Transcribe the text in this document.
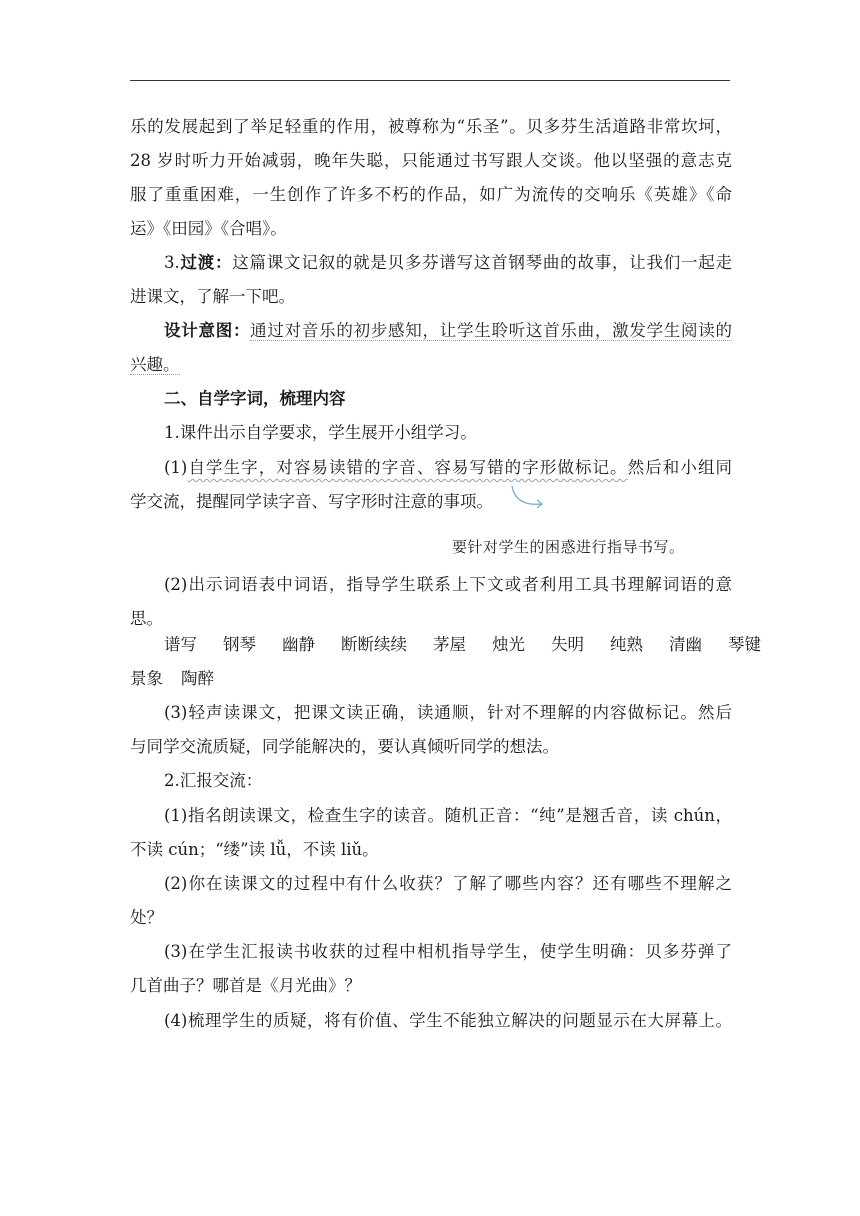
乐的发展起到了举足轻重的作用，被尊称为“乐圣”。贝多芬生活道路非常坎坷，
28 岁时听力开始减弱，晚年失聪，只能通过书写跟人交谈。他以坚强的意志克
服了重重困难，一生创作了许多不朽的作品，如广为流传的交响乐《英雄》《命
运》《田园》《合唱》。
3.过渡：这篇课文记叙的就是贝多芬谱写这首钢琴曲的故事，让我们一起走
进课文，了解一下吧。
设计意图：通过对音乐的初步感知，让学生聆听这首乐曲，激发学生阅读的
兴趣。
二、自学字词，梳理内容
1.课件出示自学要求，学生展开小组学习。
(1)自学生字，对容易读错的字音、容易写错的字形做标记。然后和小组同
学交流，提醒同学读字音、写字形时注意的事项。
要针对学生的困惑进行指导书写。
(2)出示词语表中词语，指导学生联系上下文或者利用工具书理解词语的意
思。
谱写 钢琴 幽静 断断续续 茅屋 烛光 失明 纯熟 清幽 琴键
景象 陶醉
(3)轻声读课文，把课文读正确，读通顺，针对不理解的内容做标记。然后
与同学交流质疑，同学能解决的，要认真倾听同学的想法。
2.汇报交流：
(1)指名朗读课文，检查生字的读音。随机正音：“纯”是翘舌音，读 chún，
不读 cún；“缕”读 lǚ，不读 liǔ。
(2)你在读课文的过程中有什么收获？了解了哪些内容？还有哪些不理解之
处？
(3)在学生汇报读书收获的过程中相机指导学生，使学生明确：贝多芬弹了
几首曲子？哪首是《月光曲》？
(4)梳理学生的质疑，将有价值、学生不能独立解决的问题显示在大屏幕上。
